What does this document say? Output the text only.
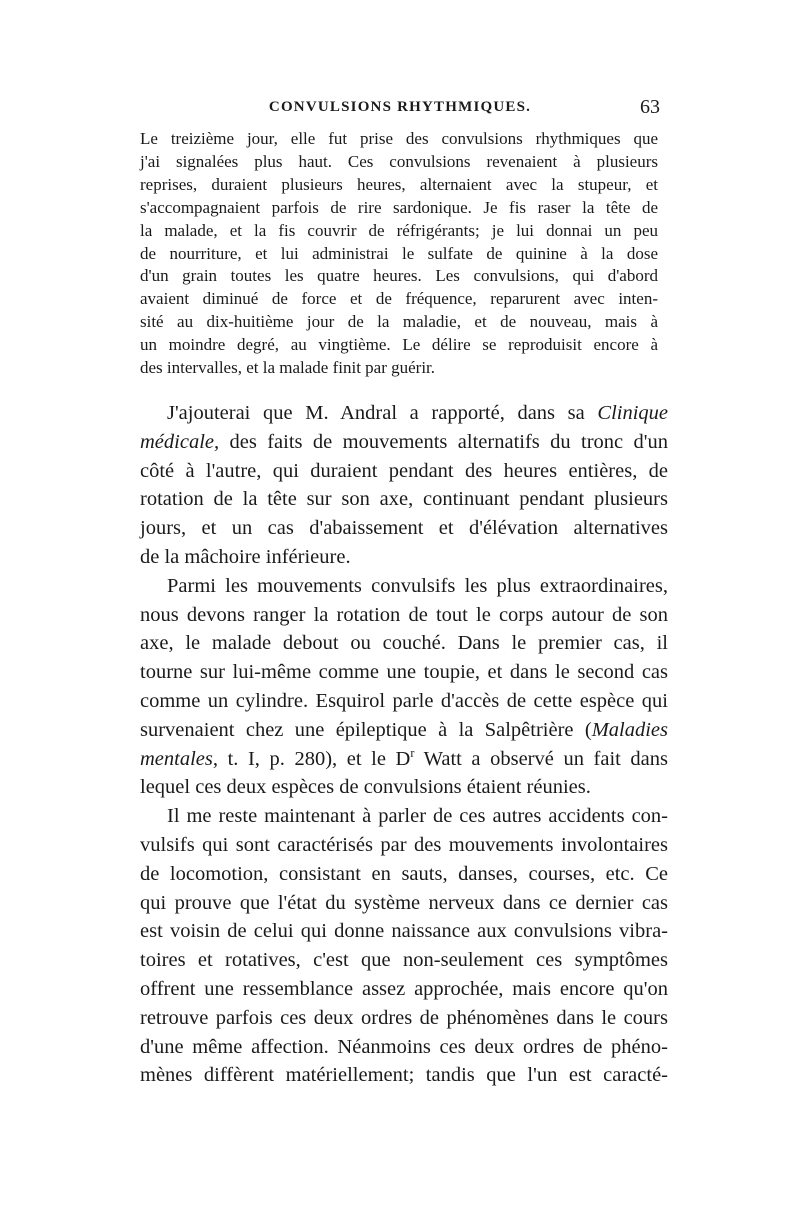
CONVULSIONS RHYTHMIQUES.	63
Le treizième jour, elle fut prise des convulsions rhythmiques que
j'ai signalées plus haut. Ces convulsions revenaient à plusieurs
reprises, duraient plusieurs heures, alternaient avec la stupeur, et
s'accompagnaient parfois de rire sardonique. Je fis raser la tête de
la malade, et la fis couvrir de réfrigérants; je lui donnai un peu
de nourriture, et lui administrai le sulfate de quinine à la dose
d'un grain toutes les quatre heures. Les convulsions, qui d'abord
avaient diminué de force et de fréquence, reparurent avec inten-
sité au dix-huitième jour de la maladie, et de nouveau, mais à
un moindre degré, au vingtième. Le délire se reproduisit encore à
des intervalles, et la malade finit par guérir.
J'ajouterai que M. Andral a rapporté, dans sa Clinique
médicale, des faits de mouvements alternatifs du tronc d'un
côté à l'autre, qui duraient pendant des heures entières, de
rotation de la tête sur son axe, continuant pendant plusieurs
jours, et un cas d'abaissement et d'élévation alternatives
de la mâchoire inférieure.
Parmi les mouvements convulsifs les plus extraordinaires,
nous devons ranger la rotation de tout le corps autour de son
axe, le malade debout ou couché. Dans le premier cas, il
tourne sur lui-même comme une toupie, et dans le second cas
comme un cylindre. Esquirol parle d'accès de cette espèce qui
survenaient chez une épileptique à la Salpêtrière (Maladies
mentales, t. I, p. 280), et le $D^r$ Watt a observé un fait dans
lequel ces deux espèces de convulsions étaient réunies.
Il me reste maintenant à parler de ces autres accidents con-
vulsifs qui sont caractérisés par des mouvements involontaires
de locomotion, consistant en sauts, danses, courses, etc. Ce
qui prouve que l'état du système nerveux dans ce dernier cas
est voisin de celui qui donne naissance aux convulsions vibra-
toires et rotatives, c'est que non-seulement ces symptômes
offrent une ressemblance assez approchée, mais encore qu'on
retrouve parfois ces deux ordres de phénomènes dans le cours
d'une même affection. Néanmoins ces deux ordres de phéno-
mènes diffèrent matériellement; tandis que l'un est caracté-
